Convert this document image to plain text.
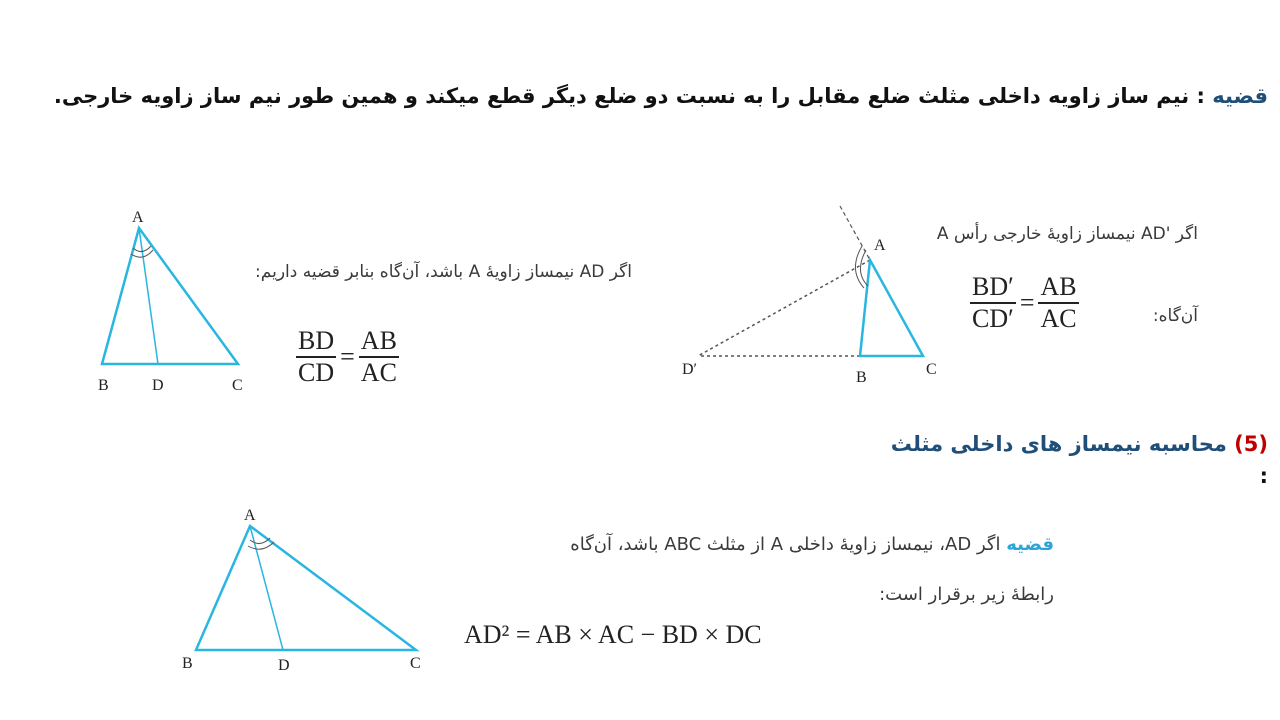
قضیه : نیم ساز زاویه داخلی مثلث ضلع مقابل را به نسبت دو ضلع دیگر قطع میکند و همین طور نیم ساز زاویه خارجی.
A
B	D	C
اگر AD نیمساز زاویهٔ A باشد، آن‌گاه بنابر قضیه داریم:
$\frac{BD}{CD} = \frac{AB}{AC}$
A
B	C
D′
اگر 'AD نیمساز زاویهٔ خارجی رأس A
آن‌گاه:
$\frac{BD'}{CD'} = \frac{AB}{AC}$
(5) محاسبه نیمساز های داخلی مثلث
:
A
B	D	C
قضیه اگر AD، نیمساز زاویهٔ داخلی A از مثلث ABC باشد، آن‌گاه
رابطهٔ زیر برقرار است:
AD² = AB × AC − BD × DC
